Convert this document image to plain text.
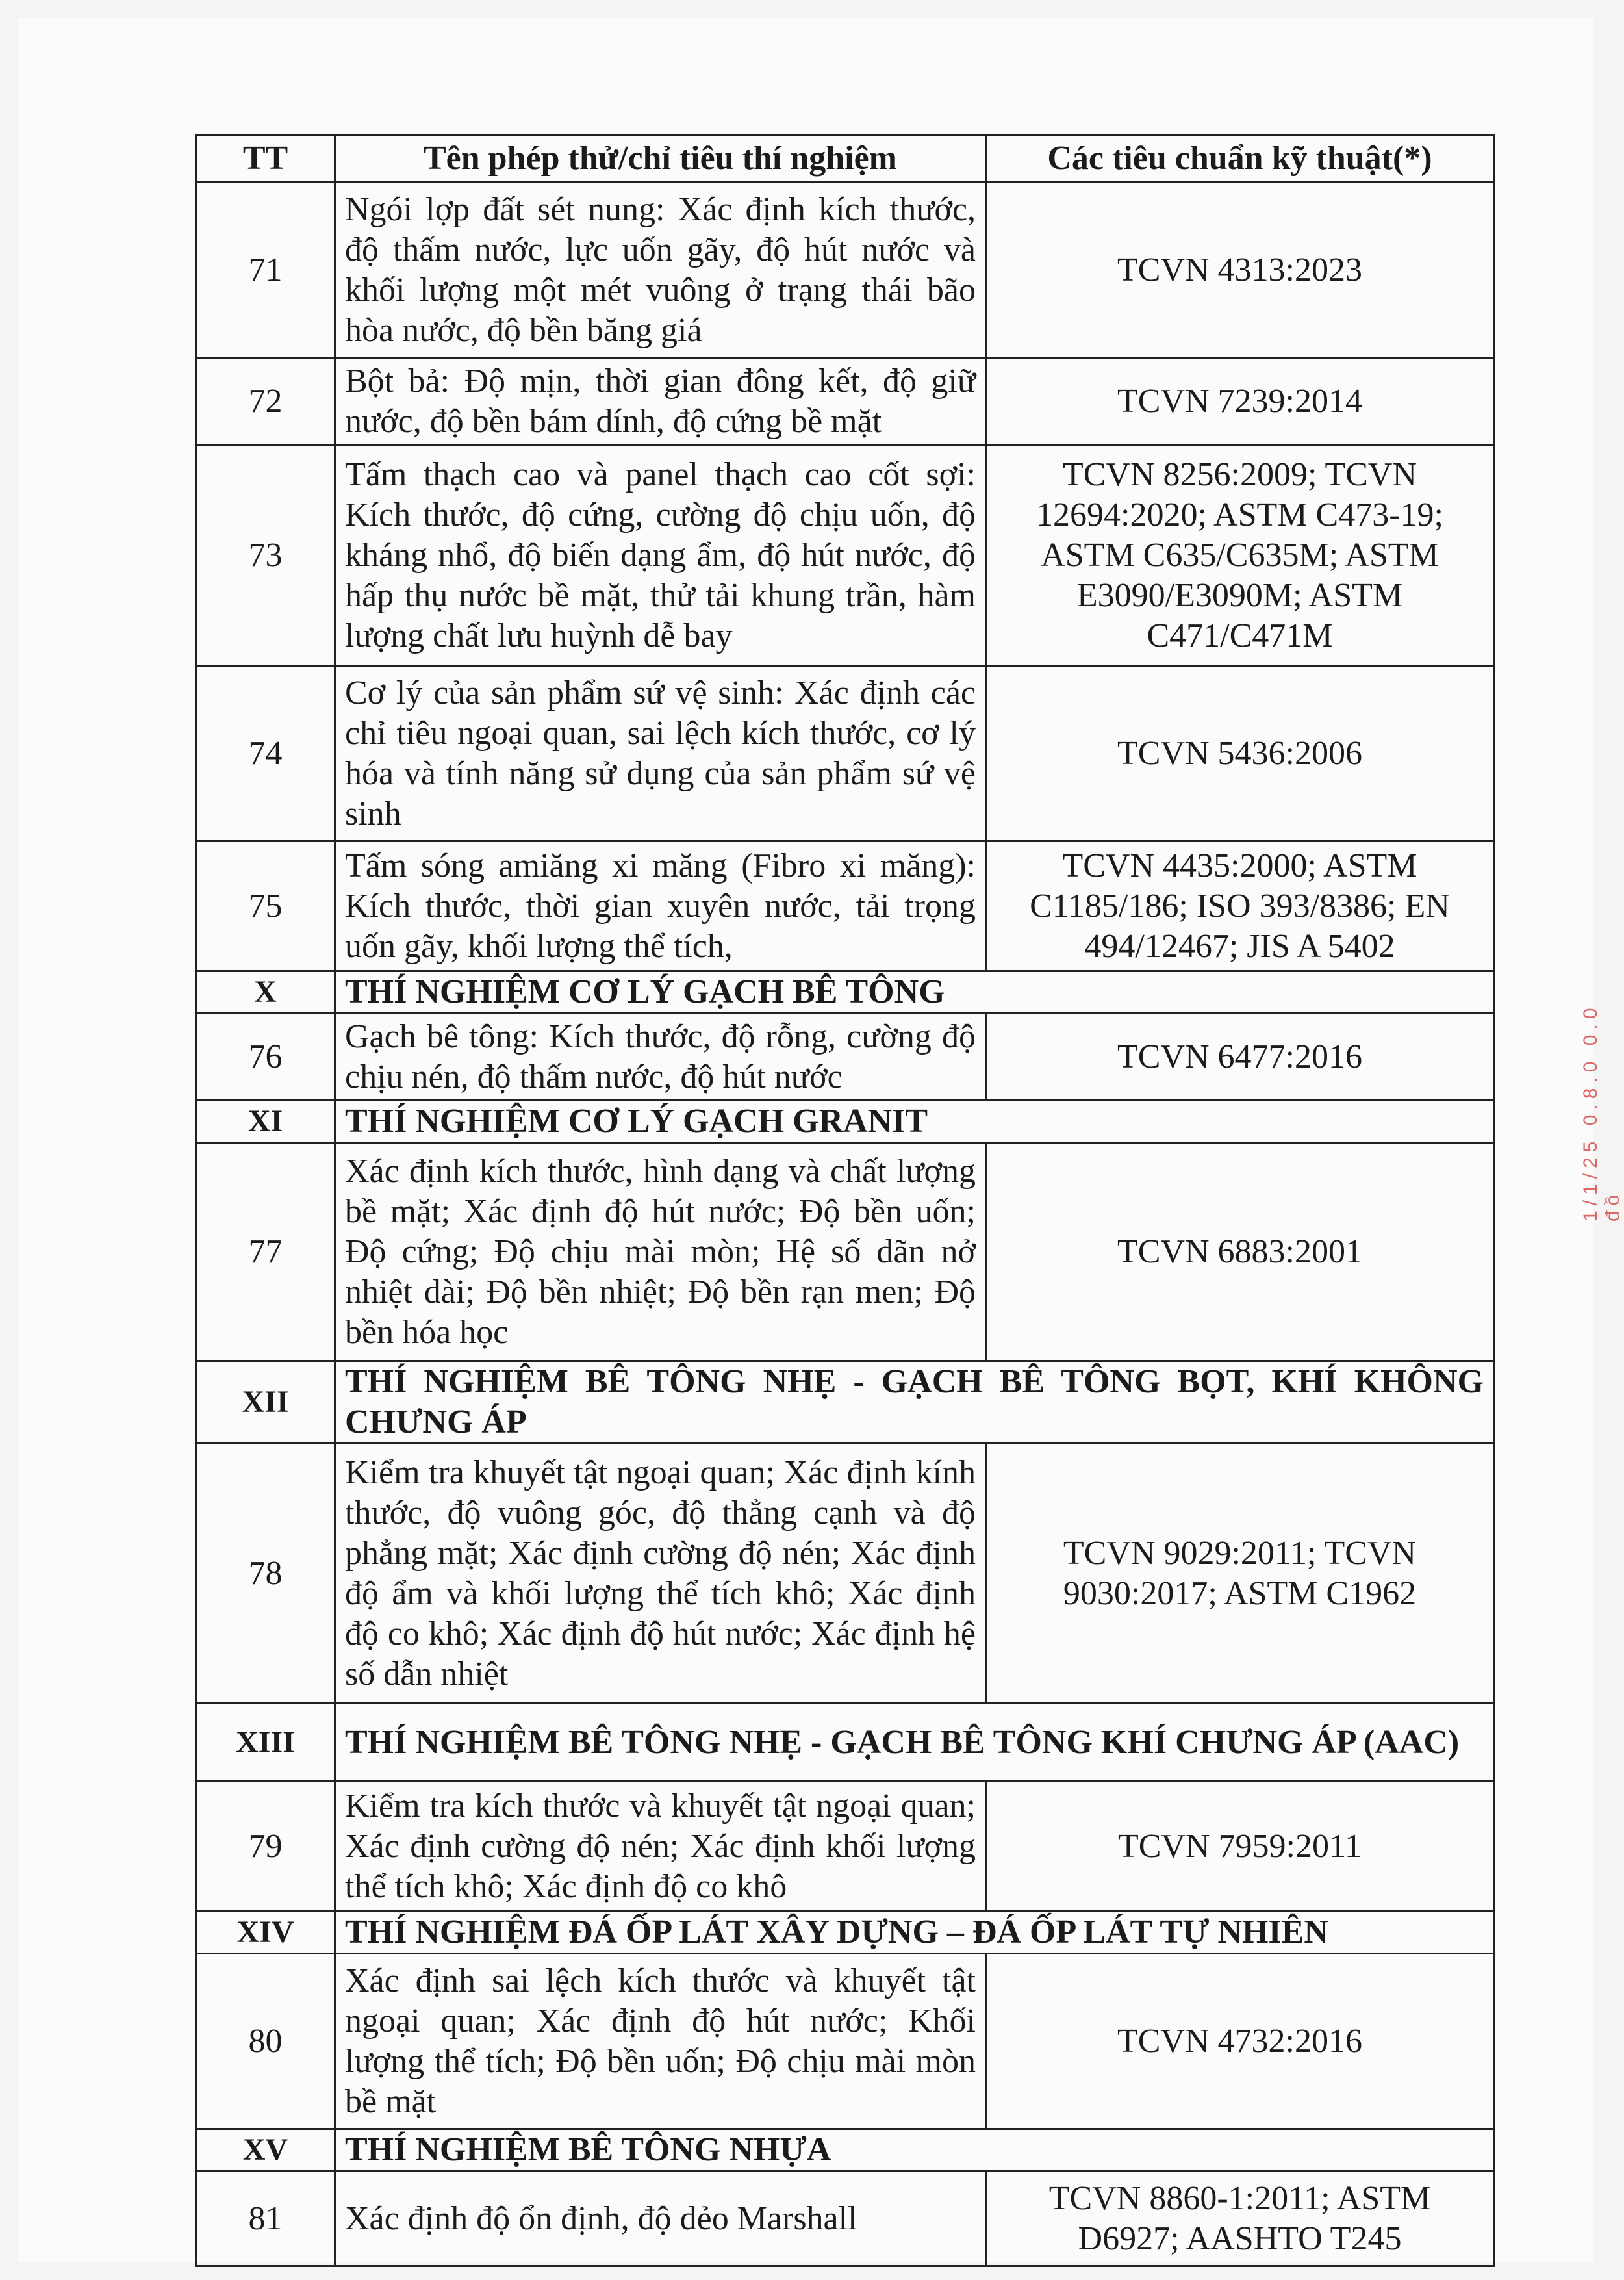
TT	Tên phép thử/chỉ tiêu thí nghiệm	Các tiêu chuẩn kỹ thuật(*)
71	Ngói lợp đất sét nung: Xác định kích thước, độ thấm nước, lực uốn gãy, độ hút nước và khối lượng một mét vuông ở trạng thái bão hòa nước, độ bền băng giá	TCVN 4313:2023
72	Bột bả: Độ mịn, thời gian đông kết, độ giữ nước, độ bền bám dính, độ cứng bề mặt	TCVN 7239:2014
73	Tấm thạch cao và panel thạch cao cốt sợi: Kích thước, độ cứng, cường độ chịu uốn, độ kháng nhổ, độ biến dạng ẩm, độ hút nước, độ hấp thụ nước bề mặt, thử tải khung trần, hàm lượng chất lưu huỳnh dễ bay	TCVN 8256:2009; TCVN 12694:2020; ASTM C473-19; ASTM C635/C635M; ASTM E3090/E3090M; ASTM C471/C471M
74	Cơ lý của sản phẩm sứ vệ sinh: Xác định các chỉ tiêu ngoại quan, sai lệch kích thước, cơ lý hóa và tính năng sử dụng của sản phẩm sứ vệ sinh	TCVN 5436:2006
75	Tấm sóng amiăng xi măng (Fibro xi măng): Kích thước, thời gian xuyên nước, tải trọng uốn gãy, khối lượng thể tích,	TCVN 4435:2000; ASTM C1185/186; ISO 393/8386; EN 494/12467; JIS A 5402
X	THÍ NGHIỆM CƠ LÝ GẠCH BÊ TÔNG	
76	Gạch bê tông: Kích thước, độ rỗng, cường độ chịu nén, độ thấm nước, độ hút nước	TCVN 6477:2016
XI	THÍ NGHIỆM CƠ LÝ GẠCH GRANIT	
77	Xác định kích thước, hình dạng và chất lượng bề mặt; Xác định độ hút nước; Độ bền uốn; Độ cứng; Độ chịu mài mòn; Hệ số dãn nở nhiệt dài; Độ bền nhiệt; Độ bền rạn men; Độ bền hóa học	TCVN 6883:2001
XII	THÍ NGHIỆM BÊ TÔNG NHẸ - GẠCH BÊ TÔNG BỌT, KHÍ KHÔNG CHƯNG ÁP	
78	Kiểm tra khuyết tật ngoại quan; Xác định kính thước, độ vuông góc, độ thẳng cạnh và độ phẳng mặt; Xác định cường độ nén; Xác định độ ẩm và khối lượng thể tích khô; Xác định độ co khô; Xác định độ hút nước; Xác định hệ số dẫn nhiệt	TCVN 9029:2011; TCVN 9030:2017; ASTM C1962
XIII	THÍ NGHIỆM BÊ TÔNG NHẸ - GẠCH BÊ TÔNG KHÍ CHƯNG ÁP (AAC)	
79	Kiểm tra kích thước và khuyết tật ngoại quan; Xác định cường độ nén; Xác định khối lượng thể tích khô; Xác định độ co khô	TCVN 7959:2011
XIV	THÍ NGHIỆM ĐÁ ỐP LÁT XÂY DỰNG – ĐÁ ỐP LÁT TỰ NHIÊN	
80	Xác định sai lệch kích thước và khuyết tật ngoại quan; Xác định độ hút nước; Khối lượng thể tích; Độ bền uốn; Độ chịu mài mòn bề mặt	TCVN 4732:2016
XV	THÍ NGHIỆM BÊ TÔNG NHỰA	
81	Xác định độ ổn định, độ dẻo Marshall	TCVN 8860-1:2011; ASTM D6927; AASHTO T245
1/1/25 0.8.0 0.0 đồ
